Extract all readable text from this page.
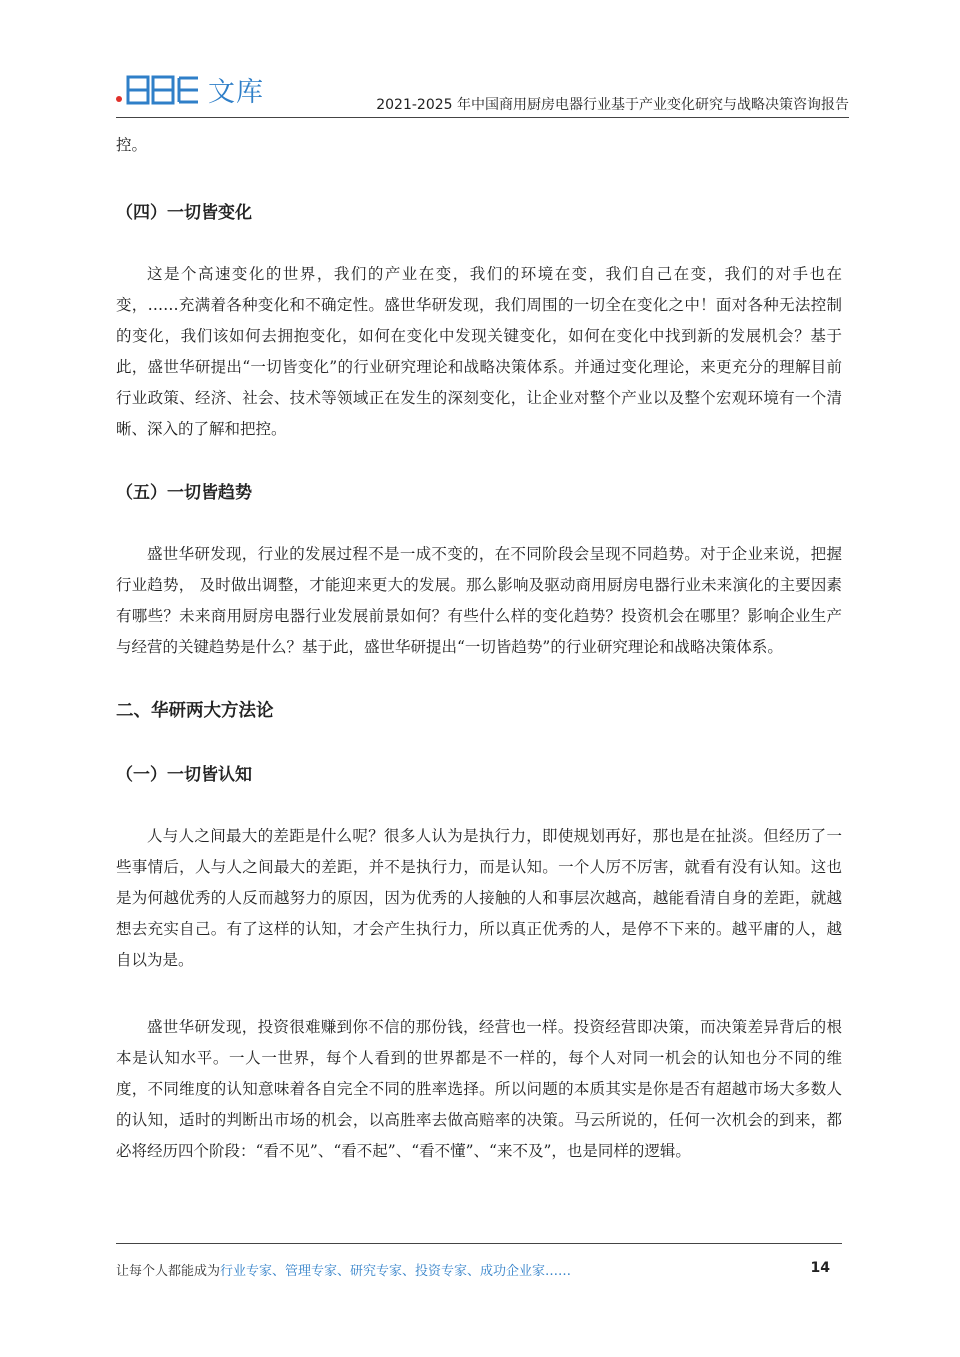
文库	2021-2025 年中国商用厨房电器行业基于产业变化研究与战略决策咨询报告

控。

（四）一切皆变化

这是个高速变化的世界，我们的产业在变，我们的环境在变，我们自己在变，我们的对手也在变，……充满着各种变化和不确定性。盛世华研发现，我们周围的一切全在变化之中！面对各种无法控制的变化，我们该如何去拥抱变化，如何在变化中发现关键变化，如何在变化中找到新的发展机会？基于此，盛世华研提出“一切皆变化”的行业研究理论和战略决策体系。并通过变化理论，来更充分的理解目前行业政策、经济、社会、技术等领域正在发生的深刻变化，让企业对整个产业以及整个宏观环境有一个清晰、深入的了解和把控。

（五）一切皆趋势

盛世华研发现，行业的发展过程不是一成不变的，在不同阶段会呈现不同趋势。对于企业来说，把握行业趋势， 及时做出调整，才能迎来更大的发展。那么影响及驱动商用厨房电器行业未来演化的主要因素有哪些？未来商用厨房电器行业发展前景如何？有些什么样的变化趋势？投资机会在哪里？影响企业生产与经营的关键趋势是什么？基于此，盛世华研提出“一切皆趋势”的行业研究理论和战略决策体系。

二、华研两大方法论
（一）一切皆认知

人与人之间最大的差距是什么呢？很多人认为是执行力，即使规划再好，那也是在扯淡。但经历了一些事情后，人与人之间最大的差距，并不是执行力，而是认知。一个人厉不厉害，就看有没有认知。这也是为何越优秀的人反而越努力的原因，因为优秀的人接触的人和事层次越高，越能看清自身的差距，就越想去充实自己。有了这样的认知，才会产生执行力，所以真正优秀的人，是停不下来的。越平庸的人，越自以为是。

盛世华研发现，投资很难赚到你不信的那份钱，经营也一样。投资经营即决策，而决策差异背后的根本是认知水平。一人一世界，每个人看到的世界都是不一样的，每个人对同一机会的认知也分不同的维度，不同维度的认知意味着各自完全不同的胜率选择。所以问题的本质其实是你是否有超越市场大多数人的认知，适时的判断出市场的机会，以高胜率去做高赔率的决策。马云所说的，任何一次机会的到来，都必将经历四个阶段：“看不见”、“看不起”、“看不懂”、“来不及”，也是同样的逻辑。

让每个人都能成为行业专家、管理专家、研究专家、投资专家、成功企业家……	14
